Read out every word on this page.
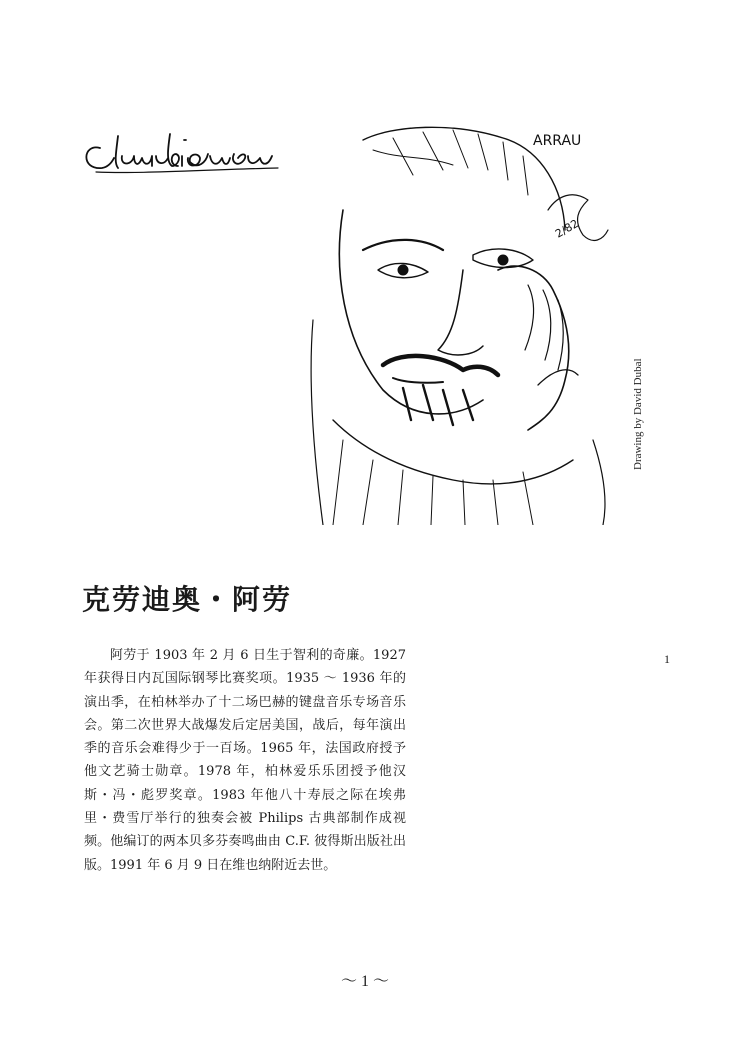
ARRAU
2/82
Drawing by David Dubal
克劳迪奥・阿劳

阿劳于 1903 年 2 月 6 日生于智利的奇廉。1927 年获得日内瓦国际钢琴比赛奖项。1935 ～ 1936 年的演出季，在柏林举办了十二场巴赫的键盘音乐专场音乐会。第二次世界大战爆发后定居美国，战后，每年演出季的音乐会难得少于一百场。1965 年，法国政府授予他文艺骑士勋章。1978 年，柏林爱乐乐团授予他汉斯・冯・彪罗奖章。1983 年他八十寿辰之际在埃弗里・费雪厅举行的独奏会被 Philips 古典部制作成视频。他编订的两本贝多芬奏鸣曲由 C.F. 彼得斯出版社出版。1991 年 6 月 9 日在维也纳附近去世。

1
～ 1 ～
